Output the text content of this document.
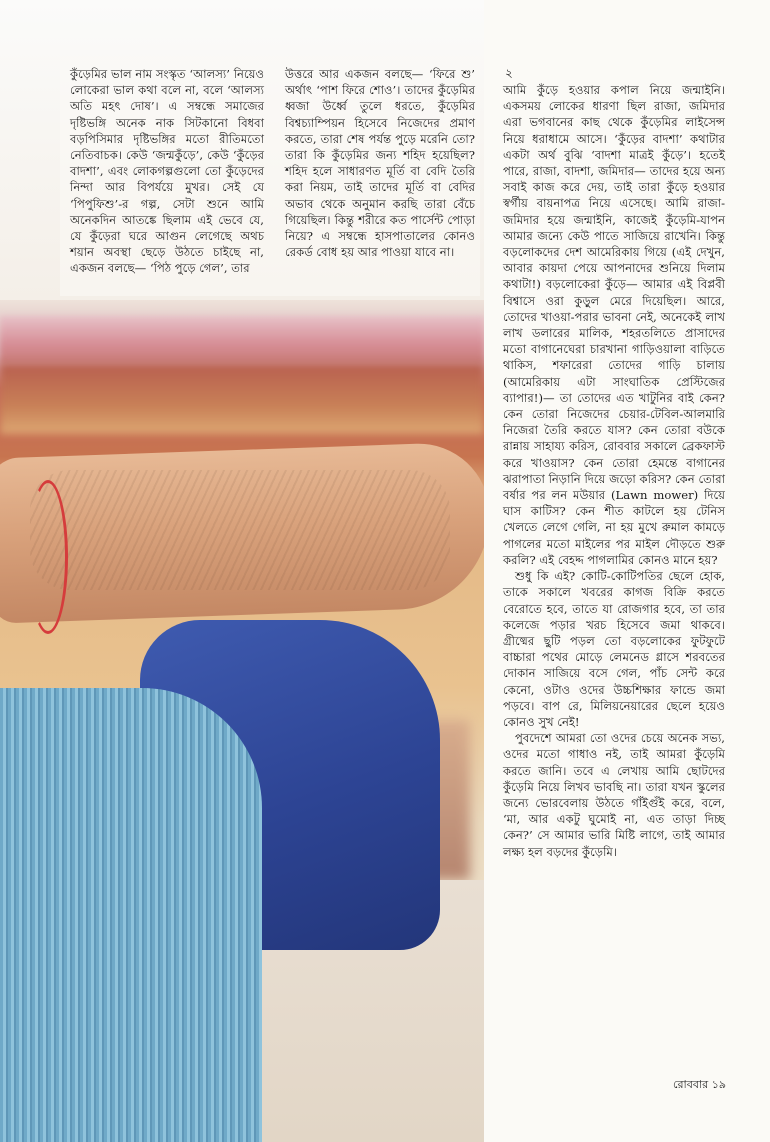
কুঁড়েমির ভাল নাম সংস্কৃত ‘আলস্য’ নিয়েও লোকেরা ভাল কথা বলে না, বলে ‘আলস্য অতি মহৎ দোষ’। এ সম্বন্ধে সমাজের দৃষ্টিভঙ্গি অনেক নাক সিটকানো বিধবা বড়পিসিমার দৃষ্টিভঙ্গির মতো রীতিমতো নেতিবাচক। কেউ ‘জন্মকুঁড়ে’, কেউ ‘কুঁড়ের বাদশা’, এবং লোকগল্পগুলো তো কুঁড়েদের নিন্দা আর বিপর্যয়ে মুখর। সেই যে ‘পিপুফিশু’-র গল্প, সেটা শুনে আমি অনেকদিন আতঙ্কে ছিলাম এই ভেবে যে, যে কুঁড়েরা ঘরে আগুন লেগেছে অথচ শয়ান অবস্থা ছেড়ে উঠতে চাইছে না, একজন বলছে— ‘পিঠ পুড়ে গেল’, তার

উত্তরে আর একজন বলছে— ‘ফিরে শু’ অর্থাৎ ‘পাশ ফিরে শোও’। তাদের কুঁড়েমির ধ্বজা উর্ধ্বে তুলে ধরতে, কুঁড়েমির বিশ্বচ্যাম্পিয়ন হিসেবে নিজেদের প্রমাণ করতে, তারা শেষ পর্যন্ত পুড়ে মরেনি তো? তারা কি কুঁড়েমির জন্য শহিদ হয়েছিল? শহিদ হলে সাধারণত মূর্তি বা বেদি তৈরি করা নিয়ম, তাই তাদের মূর্তি বা বেদির অভাব থেকে অনুমান করছি তারা বেঁচে গিয়েছিল। কিন্তু শরীরে কত পার্সেন্ট পোড়া নিয়ে? এ সম্বন্ধে হাসপাতালের কোনও রেকর্ড বোধ হয় আর পাওয়া যাবে না।

২

আমি কুঁড়ে হওয়ার কপাল নিয়ে জন্মাইনি। একসময় লোকের ধারণা ছিল রাজা, জমিদার এরা ভগবানের কাছ থেকে কুঁড়েমির লাইসেন্স নিয়ে ধরাধামে আসে। ‘কুঁড়ের বাদশা’ কথাটার একটা অর্থ বুঝি ‘বাদশা মাত্রই কুঁড়ে’। হতেই পারে, রাজা, বাদশা, জমিদার— তাদের হয়ে অন্য সবাই কাজ করে দেয়, তাই তারা কুঁড়ে হওয়ার স্বর্গীয় বায়নাপত্র নিয়ে এসেছে। আমি রাজা-জমিদার হয়ে জন্মাইনি, কাজেই কুঁড়েমি-যাপন আমার জন্যে কেউ পাতে সাজিয়ে রাখেনি। কিন্তু বড়লোকদের দেশ আমেরিকায় গিয়ে (এই দেখুন, আবার কায়দা পেয়ে আপনাদের শুনিয়ে দিলাম কথাটা!) বড়লোকেরা কুঁড়ে— আমার এই বিপ্লবী বিশ্বাসে ওরা কুড়ুল মেরে দিয়েছিল। আরে, তোদের খাওয়া-পরার ভাবনা নেই, অনেকেই লাখ লাখ ডলারের মালিক, শহরতলিতে প্রাসাদের মতো বাগানেঘেরা চারখানা গাড়িওয়ালা বাড়িতে থাকিস, শফারেরা তোদের গাড়ি চালায় (আমেরিকায় এটা সাংঘাতিক প্রেস্টিজের ব্যাপার!)— তা তোদের এত খাটুনির বাই কেন? কেন তোরা নিজেদের চেয়ার-টেবিল-আলমারি নিজেরা তৈরি করতে যাস? কেন তোরা বউকে রান্নায় সাহায্য করিস, রোববার সকালে ব্রেকফাস্ট করে খাওয়াস? কেন তোরা হেমন্তে বাগানের ঝরাপাতা নিড়ানি দিয়ে জড়ো করিস? কেন তোরা বর্ষার পর লন মউয়ার (Lawn mower) দিয়ে ঘাস কাটিস? কেন শীত কাটলে হয় টেনিস খেলতে লেগে গেলি, না হয় মুখে রুমাল কামড়ে পাগলের মতো মাইলের পর মাইল দৌড়তে শুরু করলি? এই বেহদ্দ পাগলামির কোনও মানে হয়?

শুধু কি এই? কোটি-কোটিপতির ছেলে হোক, তাকে সকালে খবরের কাগজ বিক্রি করতে বেরোতে হবে, তাতে যা রোজগার হবে, তা তার কলেজে পড়ার খরচ হিসেবে জমা থাকবে। গ্রীষ্মের ছুটি পড়ল তো বড়লোকের ফুটফুটে বাচ্চারা পথের মোড়ে লেমনেড গ্লাসে শরবতের দোকান সাজিয়ে বসে গেল, পাঁচ সেন্ট করে কেনো, ওটাও ওদের উচ্চশিক্ষার ফান্ডে জমা পড়বে। বাপ রে, মিলিয়নেয়ারের ছেলে হয়েও কোনও সুখ নেই!

পুবদেশে আমরা তো ওদের চেয়ে অনেক সভ্য, ওদের মতো গাধাও নই, তাই আমরা কুঁড়েমি করতে জানি। তবে এ লেখায় আমি ছোটদের কুঁড়েমি নিয়ে লিখব ভাবছি না। তারা যখন স্কুলের জন্যে ভোরবেলায় উঠতে গাঁইগুঁই করে, বলে, ‘মা, আর একটু ঘুমোই না, এত তাড়া দিচ্ছ কেন?’ সে আমার ভারি মিষ্টি লাগে, তাই আমার লক্ষ্য হল বড়দের কুঁড়েমি।

রোববার ১৯
